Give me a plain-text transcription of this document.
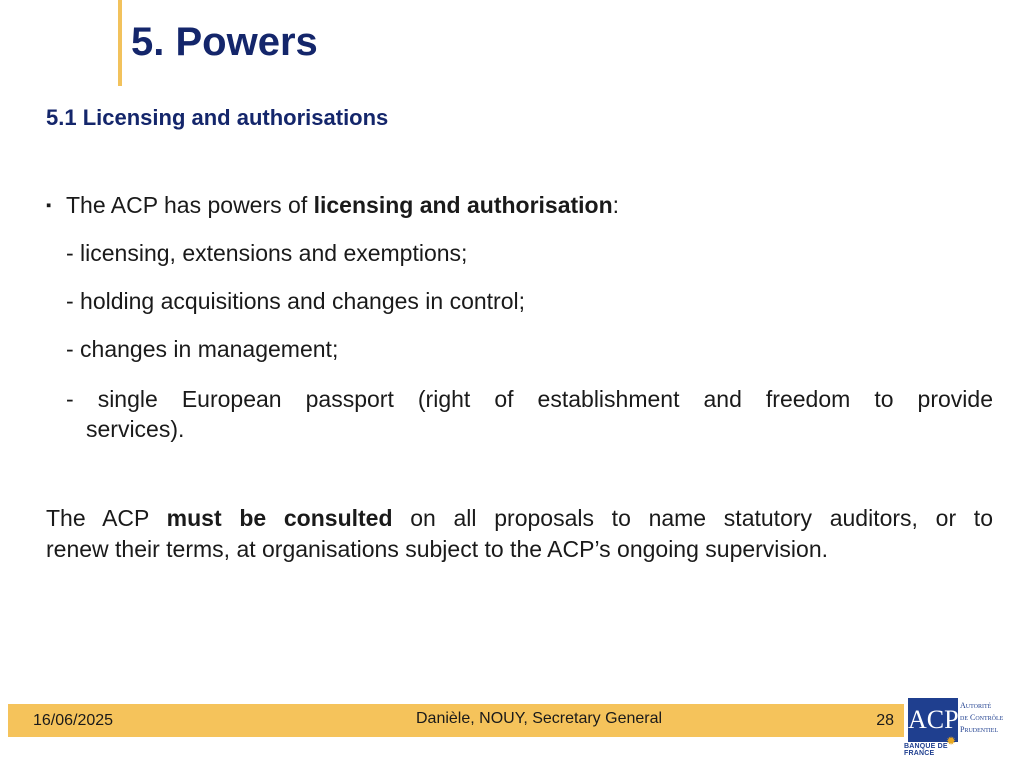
5. Powers
5.1 Licensing and authorisations

▪ The ACP has powers of licensing and authorisation:

- licensing, extensions and exemptions;

- holding acquisitions and changes in control;

- changes in management;

- single European passport (right of establishment and freedom to provide

services).

The ACP must be consulted on all proposals to name statutory auditors, or to
renew their terms, at organisations subject to the ACP’s ongoing supervision.

16/06/2025	Danièle, NOUY, Secretary General	28 ACP Autorité
de Contrôle
Prudentiel
✹
BANQUE DE FRANCE
